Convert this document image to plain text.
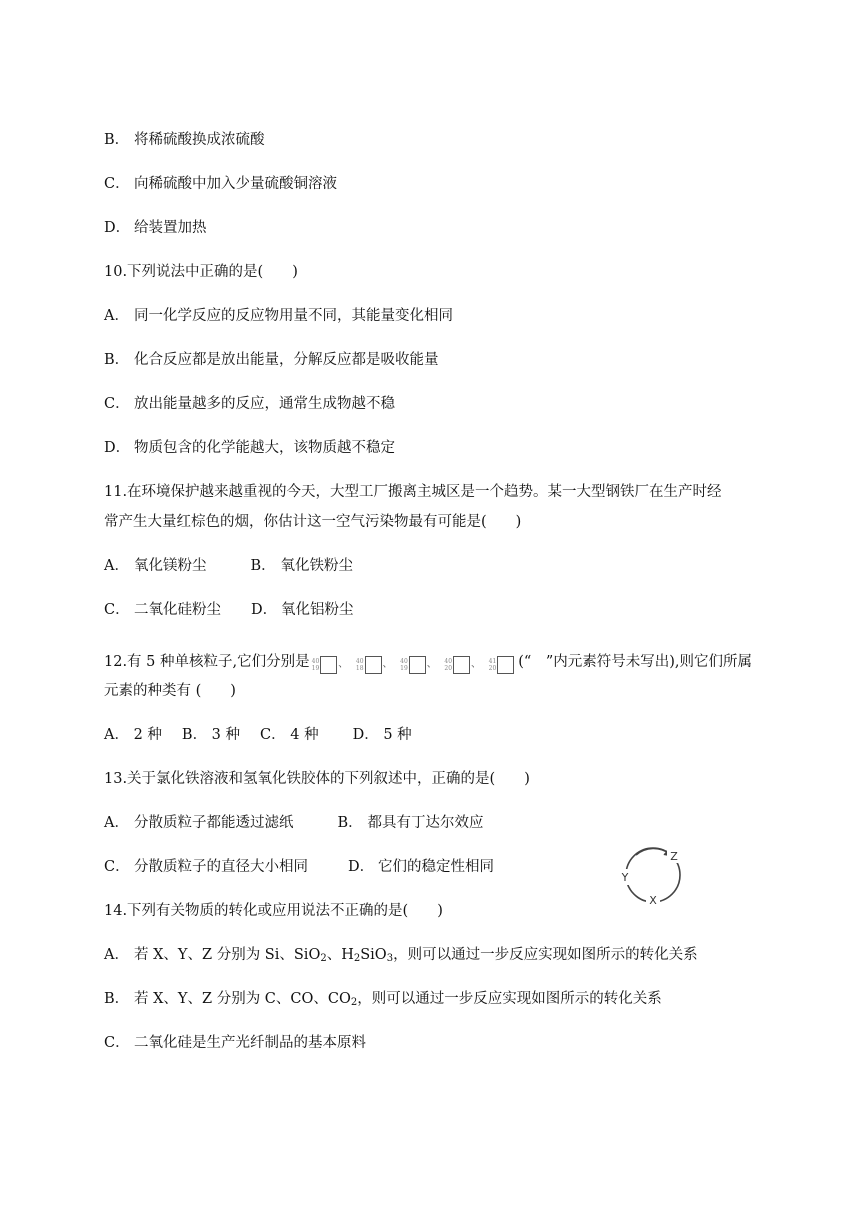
B． 将稀硫酸换成浓硫酸
C． 向稀硫酸中加入少量硫酸铜溶液
D． 给装置加热
10.下列说法中正确的是(　　)
A． 同一化学反应的反应物用量不同，其能量变化相同
B． 化合反应都是放出能量，分解反应都是吸收能量
C． 放出能量越多的反应，通常生成物越不稳
D． 物质包含的化学能越大，该物质越不稳定
11.在环境保护越来越重视的今天，大型工厂搬离主城区是一个趋势。某一大型钢铁厂在生产时经
常产生大量红棕色的烟，你估计这一空气污染物最有可能是(　　)
A． 氧化镁粉尘	B． 氧化铁粉尘
C． 二氧化硅粉尘 D． 氧化铝粉尘
12.有 5 种单核粒子,它们分别是 40
19 、
40
18 、
40
19 、
40
20 、
41
20 (“　”内元素符号未写出),则它们所属
元素的种类有 (　　)
A． 2 种 B． 3 种 C． 4 种 D． 5 种
13.关于氯化铁溶液和氢氧化铁胶体的下列叙述中，正确的是(　　)
A． 分散质粒子都能透过滤纸	B． 都具有丁达尔效应
C． 分散质粒子的直径大小相同	D． 它们的稳定性相同
Z
Y
X
14.下列有关物质的转化或应用说法不正确的是(　　)
A． 若 X、Y、Z 分别为 Si、SiO$_2$、$H_2SiO_3$，则可以通过一步反应实现如图所示的转化关系
B． 若 X、Y、Z 分别为 C、CO、$CO_2$，则可以通过一步反应实现如图所示的转化关系
C． 二氧化硅是生产光纤制品的基本原料
